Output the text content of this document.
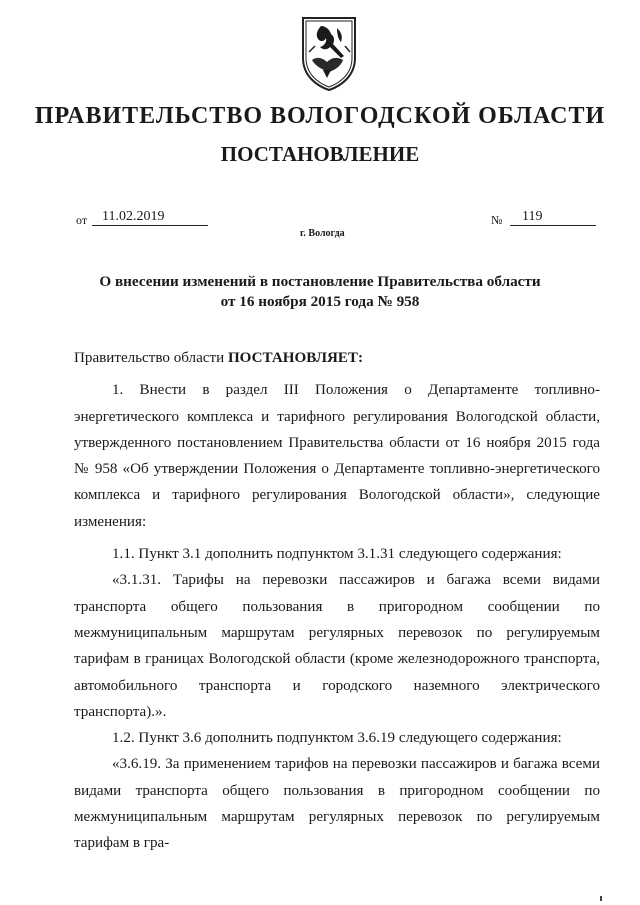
ПРАВИТЕЛЬСТВО ВОЛОГОДСКОЙ ОБЛАСТИ
ПОСТАНОВЛЕНИЕ
от	11.02.2019	№	119
г. Вологда
О внесении изменений в постановление Правительства области
от 16 ноября 2015 года № 958

Правительство области ПОСТАНОВЛЯЕТ:

1. Внести в раздел III Положения о Департаменте топливно-энергетического комплекса и тарифного регулирования Вологодской области, утвержденного постановлением Правительства области от 16 ноября 2015 года № 958 «Об утверждении Положения о Департаменте топливно-энергетического комплекса и тарифного регулирования Вологодской области», следующие изменения:

1.1. Пункт 3.1 дополнить подпунктом 3.1.31 следующего содержания:

«3.1.31. Тарифы на перевозки пассажиров и багажа всеми видами транспорта общего пользования в пригородном сообщении по межмуниципальным маршрутам регулярных перевозок по регулируемым тарифам в границах Вологодской области (кроме железнодорожного транспорта, автомобильного транспорта и городского наземного электрического транспорта).».

1.2. Пункт 3.6 дополнить подпунктом 3.6.19 следующего содержания:

«3.6.19. За применением тарифов на перевозки пассажиров и багажа всеми видами транспорта общего пользования в пригородном сообщении по межмуниципальным маршрутам регулярных перевозок по регулируемым тарифам в гра-
